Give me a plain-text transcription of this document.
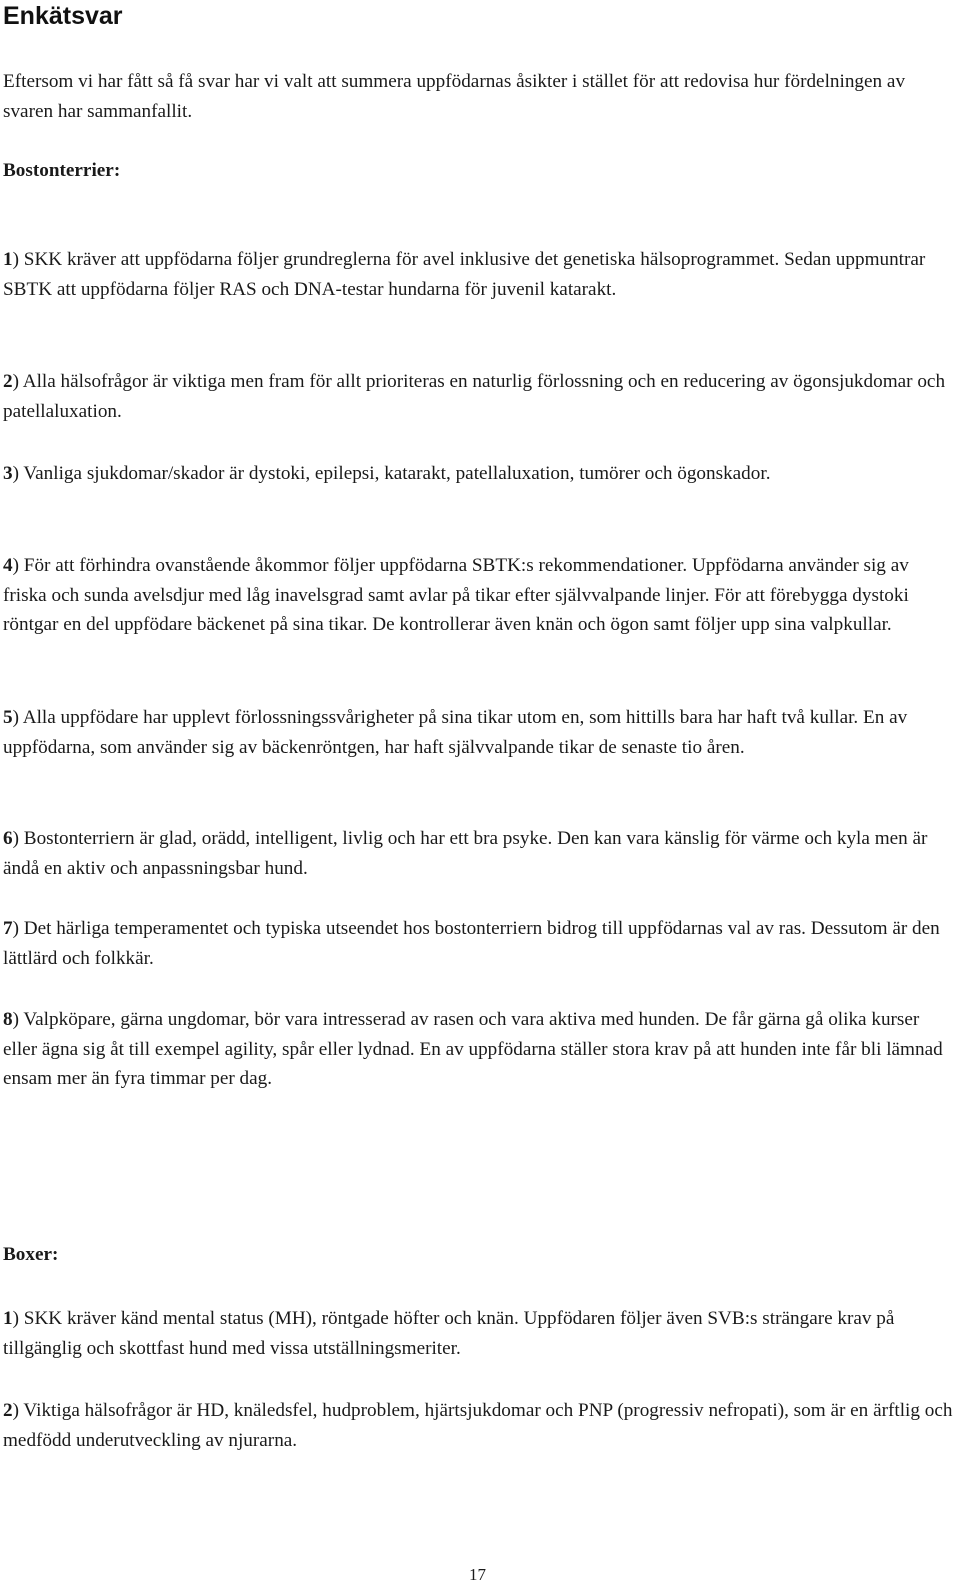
Enkätsvar

Eftersom vi har fått så få svar har vi valt att summera uppfödarnas åsikter i stället för att redovisa hur fördelningen av svaren har sammanfallit.

Bostonterrier:

1) SKK kräver att uppfödarna följer grundreglerna för avel inklusive det genetiska hälsoprogrammet. Sedan uppmuntrar SBTK att uppfödarna följer RAS och DNA-testar hundarna för juvenil katarakt.

2) Alla hälsofrågor är viktiga men fram för allt prioriteras en naturlig förlossning och en reducering av ögonsjukdomar och patellaluxation.

3) Vanliga sjukdomar/skador är dystoki, epilepsi, katarakt, patellaluxation, tumörer och ögonskador.

4) För att förhindra ovanstående åkommor följer uppfödarna SBTK:s rekommendationer. Uppfödarna använder sig av friska och sunda avelsdjur med låg inavelsgrad samt avlar på tikar efter självvalpande linjer. För att förebygga dystoki röntgar en del uppfödare bäckenet på sina tikar. De kontrollerar även knän och ögon samt följer upp sina valpkullar.

5) Alla uppfödare har upplevt förlossningssvårigheter på sina tikar utom en, som hittills bara har haft två kullar. En av uppfödarna, som använder sig av bäckenröntgen, har haft självvalpande tikar de senaste tio åren.

6) Bostonterriern är glad, orädd, intelligent, livlig och har ett bra psyke. Den kan vara känslig för värme och kyla men är ändå en aktiv och anpassningsbar hund.

7) Det härliga temperamentet och typiska utseendet hos bostonterriern bidrog till uppfödarnas val av ras. Dessutom är den lättlärd och folkkär.

8) Valpköpare, gärna ungdomar, bör vara intresserad av rasen och vara aktiva med hunden. De får gärna gå olika kurser eller ägna sig åt till exempel agility, spår eller lydnad. En av uppfödarna ställer stora krav på att hunden inte får bli lämnad ensam mer än fyra timmar per dag.

Boxer:

1) SKK kräver känd mental status (MH), röntgade höfter och knän. Uppfödaren följer även SVB:s strängare krav på tillgänglig och skottfast hund med vissa utställningsmeriter.

2) Viktiga hälsofrågor är HD, knäledsfel, hudproblem, hjärtsjukdomar och PNP (progressiv nefropati), som är en ärftlig och medfödd underutveckling av njurarna.

17
